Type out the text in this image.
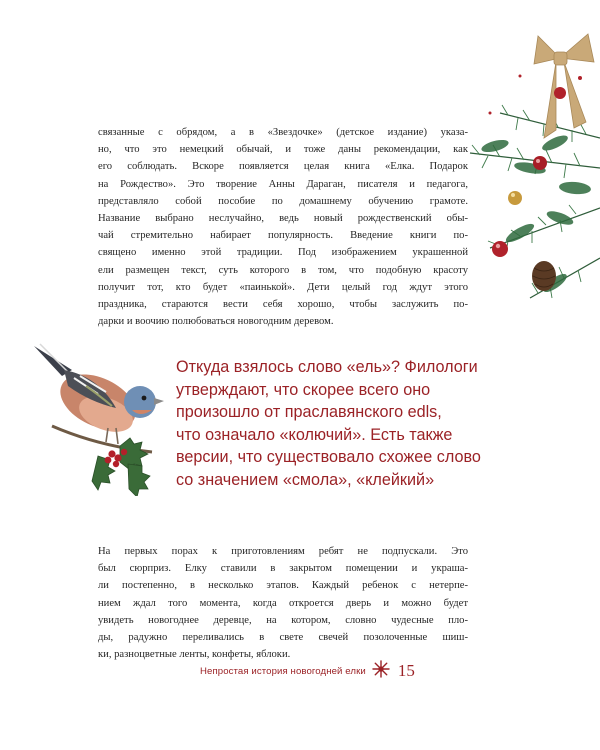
связанные с обрядом, а в «Звездочке» (детское издание) указа-
но, что это немецкий обычай, и тоже даны рекомендации, как
его соблюдать. Вскоре появляется целая книга «Елка. Подарок
на Рождество». Это творение Анны Дараган, писателя и педагога,
представляло собой пособие по домашнему обучению грамоте.
Название выбрано неслучайно, ведь новый рождественский обы-
чай стремительно набирает популярность. Введение книги по-
священо именно этой традиции. Под изображением украшенной
ели размещен текст, суть которого в том, что подобную красоту
получит тот, кто будет «паинькой». Дети целый год ждут этого
праздника, стараются вести себя хорошо, чтобы заслужить по-
дарки и воочию полюбоваться новогодним деревом.
Откуда взялось слово «ель»? Филологи
утверждают, что скорее всего оно
произошло от праславянского edls,
что означало «колючий». Есть также
версии, что существовало схожее слово
со значением «смола», «клейкий»
На первых порах к приготовлениям ребят не подпускали. Это
был сюрприз. Елку ставили в закрытом помещении и украша-
ли постепенно, в несколько этапов. Каждый ребенок с нетерпе-
нием ждал того момента, когда откроется дверь и можно будет
увидеть новогоднее деревце, на котором, словно чудесные пло-
ды, радужно переливались в свете свечей позолоченные шиш-
ки, разноцветные ленты, конфеты, яблоки.
Непростая история новогодней елки 15
